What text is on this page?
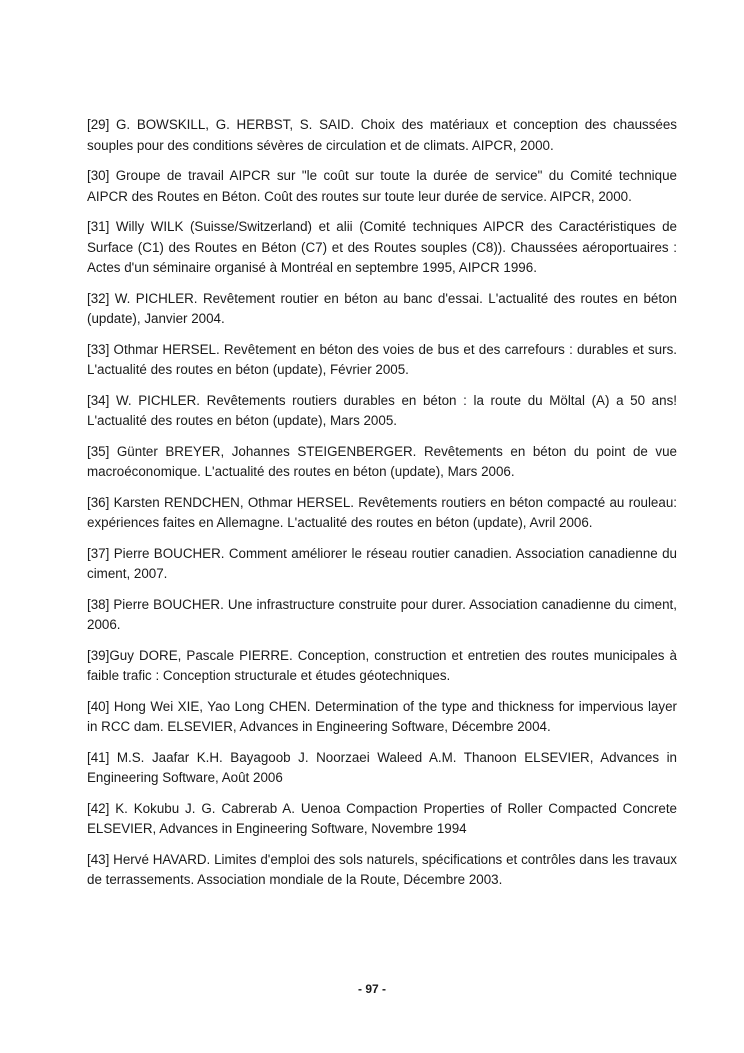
[29] G. BOWSKILL, G. HERBST, S. SAID. Choix des matériaux et conception des chaussées souples pour des conditions sévères de circulation et de climats. AIPCR, 2000.

[30] Groupe de travail AIPCR sur "le coût sur toute la durée de service" du Comité technique AIPCR des Routes en Béton. Coût des routes sur toute leur durée de service. AIPCR, 2000.

[31] Willy WILK (Suisse/Switzerland) et alii (Comité techniques AIPCR des Caractéristiques de Surface (C1) des Routes en Béton (C7) et des Routes souples (C8)). Chaussées aéroportuaires : Actes d'un séminaire organisé à Montréal en septembre 1995, AIPCR 1996.

[32] W. PICHLER. Revêtement routier en béton au banc d'essai. L'actualité des routes en béton (update), Janvier 2004.

[33] Othmar HERSEL. Revêtement en béton des voies de bus et des carrefours : durables et surs. L'actualité des routes en béton (update), Février 2005.

[34] W. PICHLER. Revêtements routiers durables en béton : la route du Möltal (A) a 50 ans! L'actualité des routes en béton (update), Mars 2005.

[35] Günter BREYER, Johannes STEIGENBERGER. Revêtements en béton du point de vue macroéconomique. L'actualité des routes en béton (update), Mars 2006.

[36] Karsten RENDCHEN, Othmar HERSEL. Revêtements routiers en béton compacté au rouleau: expériences faites en Allemagne. L'actualité des routes en béton (update), Avril 2006.

[37] Pierre BOUCHER. Comment améliorer le réseau routier canadien. Association canadienne du ciment, 2007.

[38] Pierre BOUCHER. Une infrastructure construite pour durer. Association canadienne du ciment, 2006.

[39]Guy DORE, Pascale PIERRE. Conception, construction et entretien des routes municipales à faible trafic : Conception structurale et études géotechniques.

[40] Hong Wei XIE, Yao Long CHEN. Determination of the type and thickness for impervious layer in RCC dam. ELSEVIER, Advances in Engineering Software, Décembre 2004.

[41] M.S. Jaafar K.H. Bayagoob J. Noorzaei Waleed A.M. Thanoon ELSEVIER, Advances in Engineering Software, Août 2006

[42] K. Kokubu J. G. Cabrerab A. Uenoa Compaction Properties of Roller Compacted Concrete ELSEVIER, Advances in Engineering Software, Novembre 1994

[43] Hervé HAVARD. Limites d'emploi des sols naturels, spécifications et contrôles dans les travaux de terrassements. Association mondiale de la Route, Décembre 2003.

- 97 -
